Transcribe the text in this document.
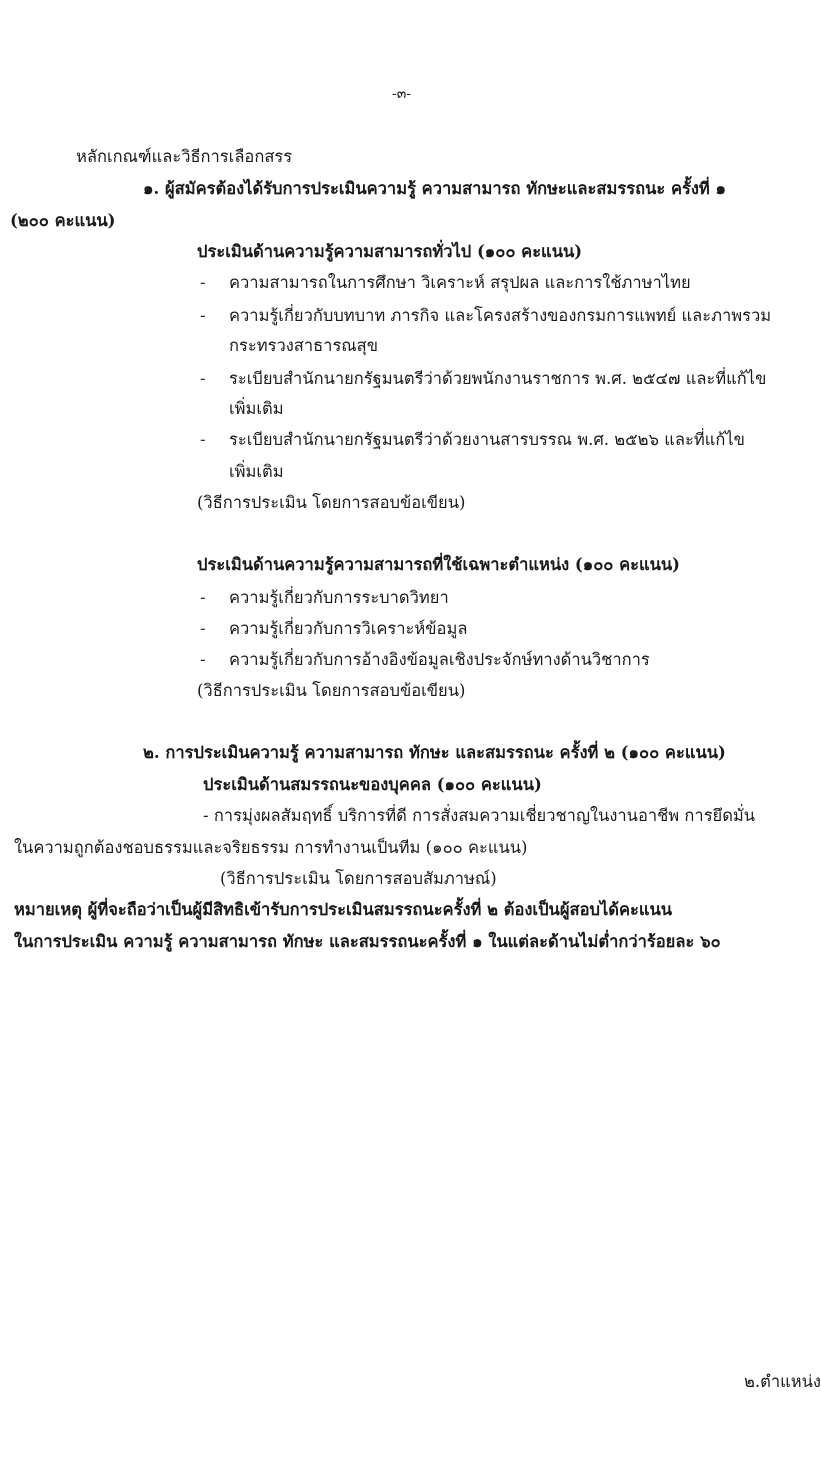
-๓-
หลักเกณฑ์และวิธีการเลือกสรร
๑. ผู้สมัครต้องได้รับการประเมินความรู้ ความสามารถ ทักษะและสมรรถนะ ครั้งที่ ๑
(๒๐๐ คะแนน)
ประเมินด้านความรู้ความสามารถทั่วไป (๑๐๐ คะแนน)
- ความสามารถในการศึกษา วิเคราะห์ สรุปผล และการใช้ภาษาไทย
- ความรู้เกี่ยวกับบทบาท ภารกิจ และโครงสร้างของกรมการแพทย์ และภาพรวม
กระทรวงสาธารณสุข
- ระเบียบสำนักนายกรัฐมนตรีว่าด้วยพนักงานราชการ พ.ศ. ๒๕๔๗ และที่แก้ไข
เพิ่มเติม
- ระเบียบสำนักนายกรัฐมนตรีว่าด้วยงานสารบรรณ พ.ศ. ๒๕๒๖ และที่แก้ไข
เพิ่มเติม
(วิธีการประเมิน โดยการสอบข้อเขียน)
ประเมินด้านความรู้ความสามารถที่ใช้เฉพาะตำแหน่ง (๑๐๐ คะแนน)
- ความรู้เกี่ยวกับการระบาดวิทยา
- ความรู้เกี่ยวกับการวิเคราะห์ข้อมูล
- ความรู้เกี่ยวกับการอ้างอิงข้อมูลเชิงประจักษ์ทางด้านวิชาการ
(วิธีการประเมิน โดยการสอบข้อเขียน)
๒. การประเมินความรู้ ความสามารถ ทักษะ และสมรรถนะ ครั้งที่ ๒ (๑๐๐ คะแนน)
ประเมินด้านสมรรถนะของบุคคล (๑๐๐ คะแนน)
- การมุ่งผลสัมฤทธิ์ บริการที่ดี การสั่งสมความเชี่ยวชาญในงานอาชีพ การยึดมั่น
ในความถูกต้องชอบธรรมและจริยธรรม การทำงานเป็นทีม (๑๐๐ คะแนน)
(วิธีการประเมิน โดยการสอบสัมภาษณ์)
หมายเหตุ ผู้ที่จะถือว่าเป็นผู้มีสิทธิเข้ารับการประเมินสมรรถนะครั้งที่ ๒ ต้องเป็นผู้สอบได้คะแนน
ในการประเมิน ความรู้ ความสามารถ ทักษะ และสมรรถนะครั้งที่ ๑ ในแต่ละด้านไม่ต่ำกว่าร้อยละ ๖๐
๒.ตำแหน่ง
